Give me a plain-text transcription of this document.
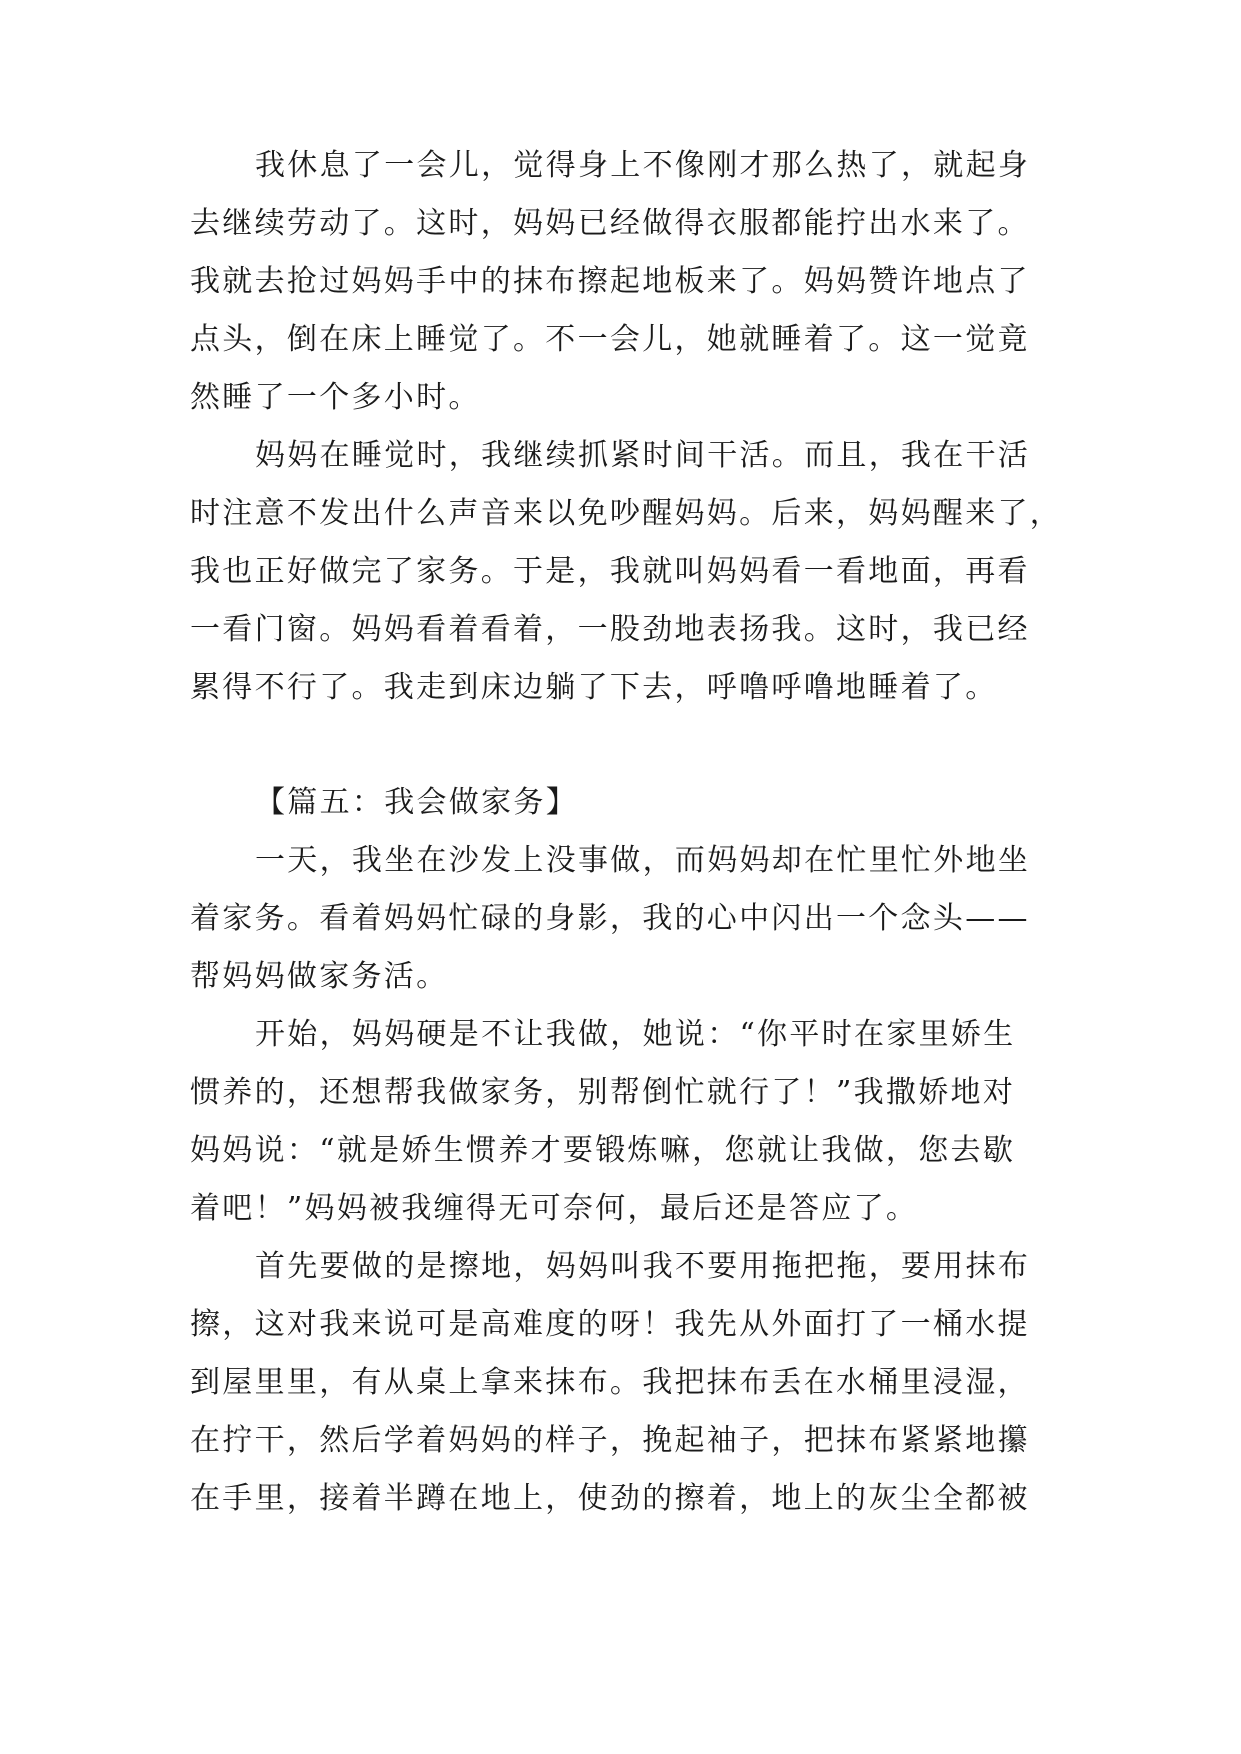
我休息了一会儿，觉得身上不像刚才那么热了，就起身
去继续劳动了。这时，妈妈已经做得衣服都能拧出水来了。
我就去抢过妈妈手中的抹布擦起地板来了。妈妈赞许地点了
点头，倒在床上睡觉了。不一会儿，她就睡着了。这一觉竟
然睡了一个多小时。
妈妈在睡觉时，我继续抓紧时间干活。而且，我在干活
时注意不发出什么声音来以免吵醒妈妈。后来，妈妈醒来了，
我也正好做完了家务。于是，我就叫妈妈看一看地面，再看
一看门窗。妈妈看着看着，一股劲地表扬我。这时，我已经
累得不行了。我走到床边躺了下去，呼噜呼噜地睡着了。
【篇五：我会做家务】
一天，我坐在沙发上没事做，而妈妈却在忙里忙外地坐
着家务。看着妈妈忙碌的身影，我的心中闪出一个念头——
帮妈妈做家务活。
开始，妈妈硬是不让我做，她说：“你平时在家里娇生
惯养的，还想帮我做家务，别帮倒忙就行了！”我撒娇地对
妈妈说：“就是娇生惯养才要锻炼嘛，您就让我做，您去歇
着吧！”妈妈被我缠得无可奈何，最后还是答应了。
首先要做的是擦地，妈妈叫我不要用拖把拖，要用抹布
擦，这对我来说可是高难度的呀！我先从外面打了一桶水提
到屋里里，有从桌上拿来抹布。我把抹布丢在水桶里浸湿，
在拧干，然后学着妈妈的样子，挽起袖子，把抹布紧紧地攥
在手里，接着半蹲在地上，使劲的擦着，地上的灰尘全都被
